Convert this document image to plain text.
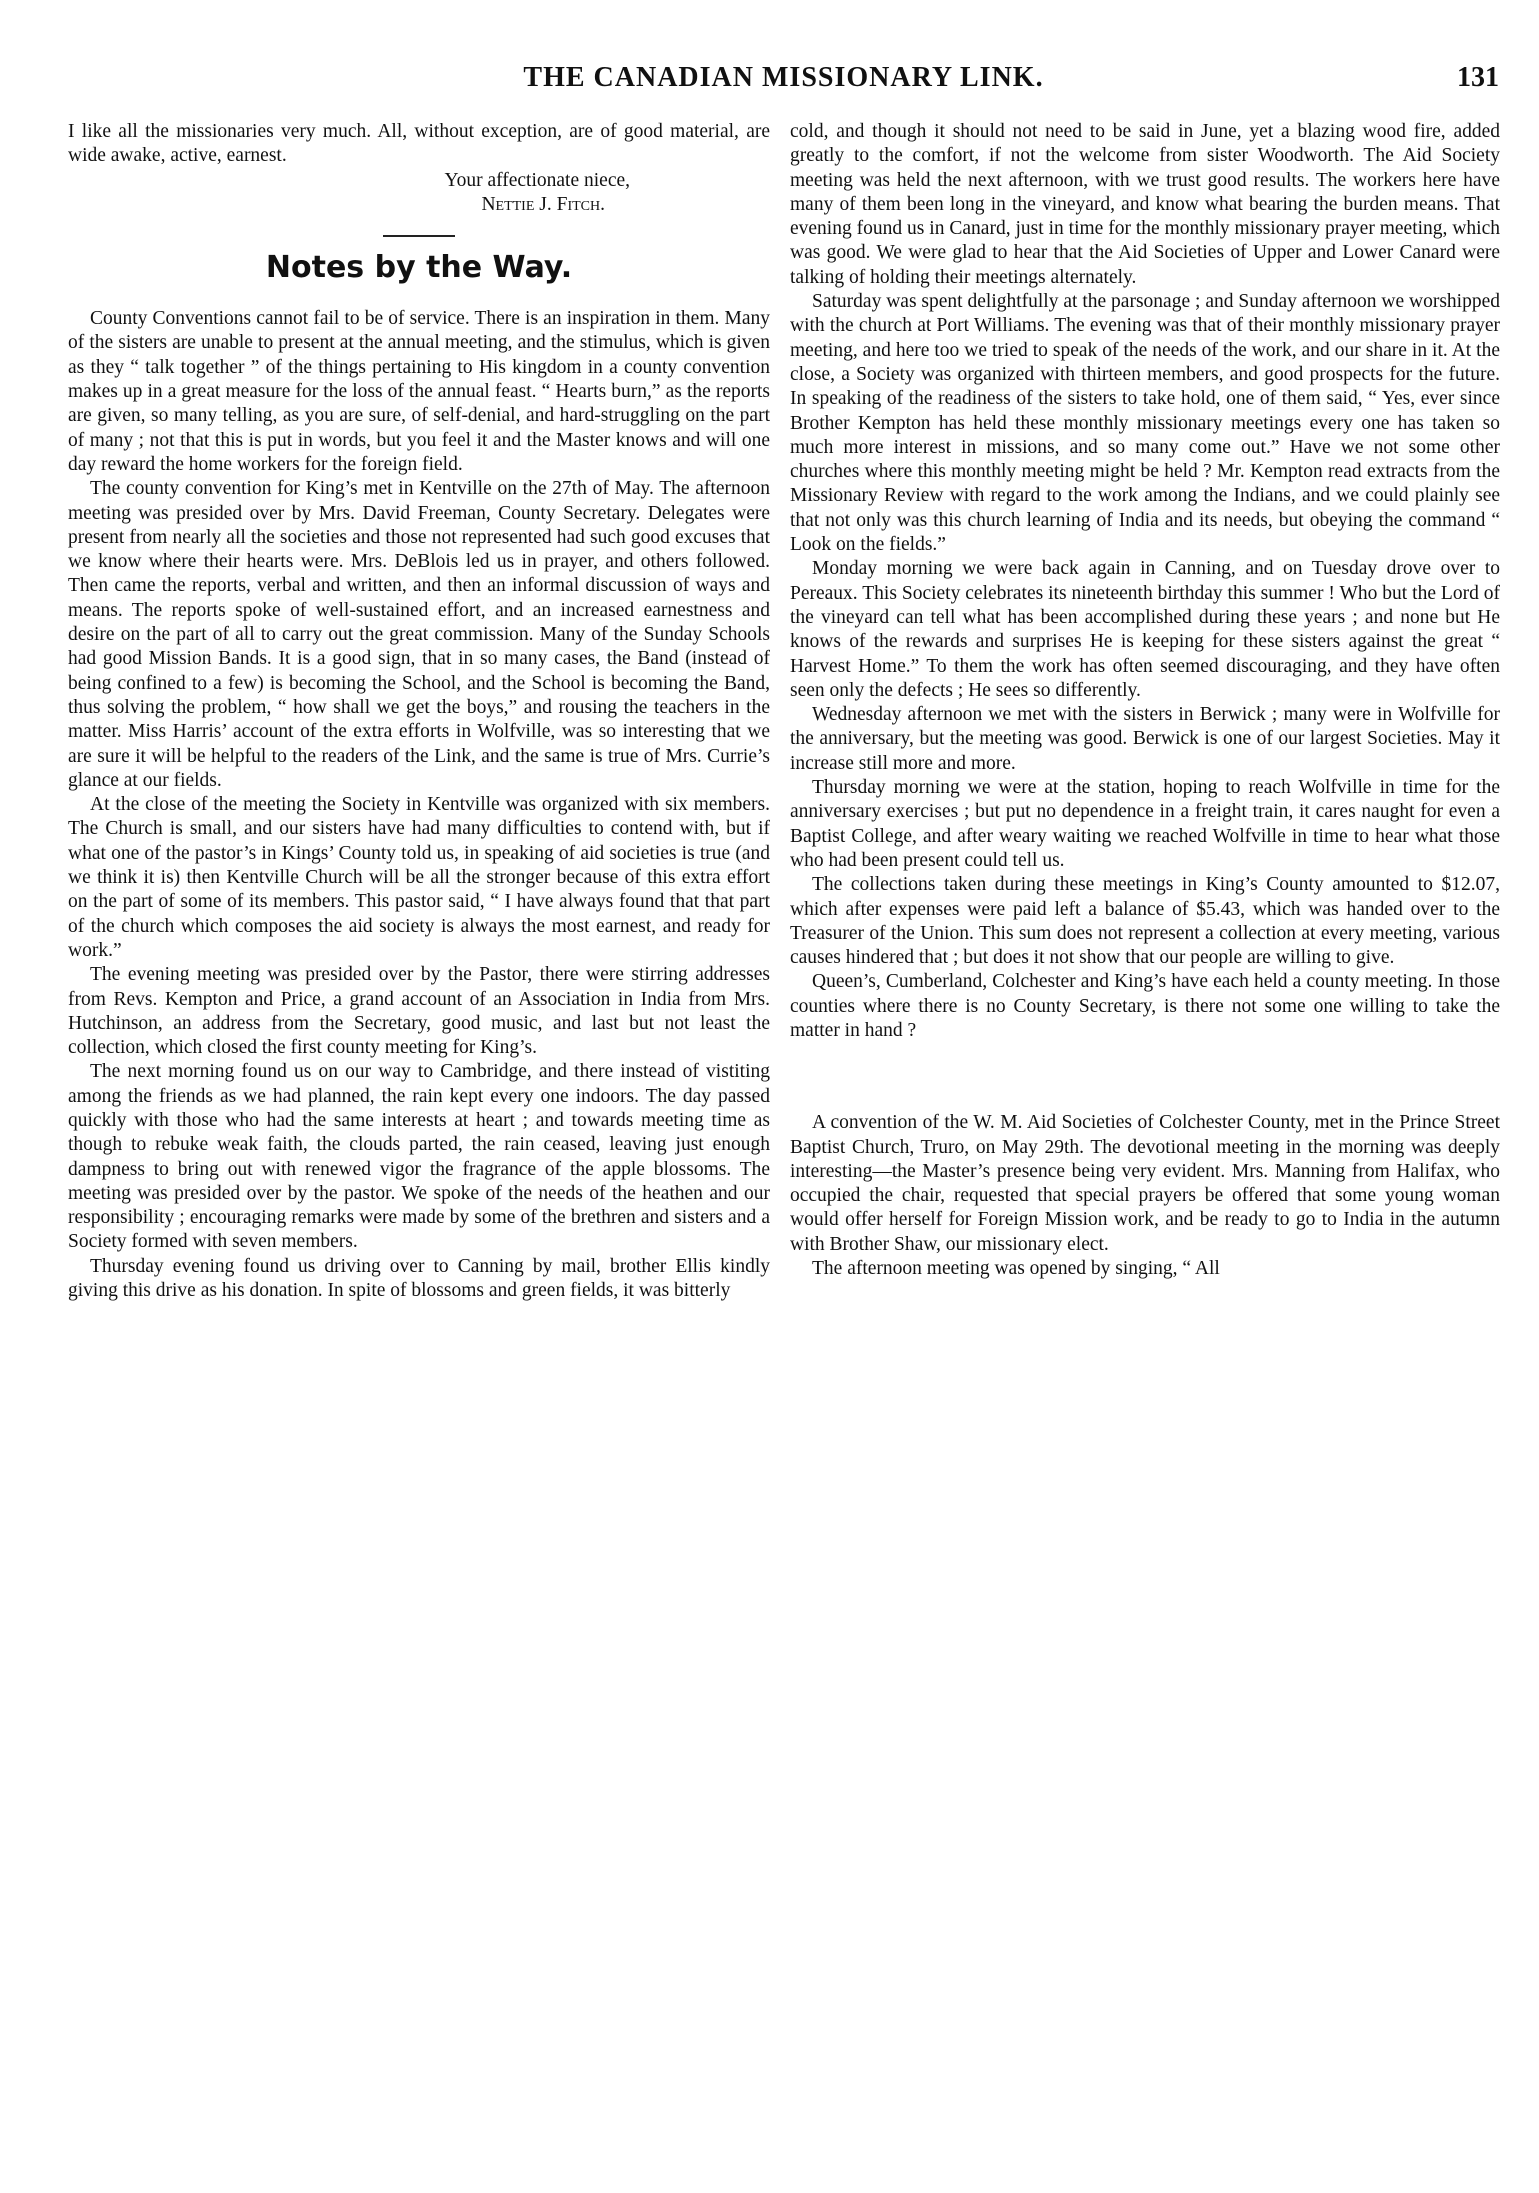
THE CANADIAN MISSIONARY LINK.	131

I like all the missionaries very much. All, without exception, are of good material, are wide awake, active, earnest.

Your affectionate niece,
Nettie J. Fitch.
Notes by the Way.

County Conventions cannot fail to be of service. There is an inspiration in them. Many of the sisters are unable to present at the annual meeting, and the stimulus, which is given as they “ talk together ” of the things pertaining to His kingdom in a county convention makes up in a great measure for the loss of the annual feast. “ Hearts burn,” as the reports are given, so many telling, as you are sure, of self-denial, and hard-struggling on the part of many ; not that this is put in words, but you feel it and the Master knows and will one day reward the home workers for the foreign field.

The county convention for King’s met in Kentville on the 27th of May. The afternoon meeting was presided over by Mrs. David Freeman, County Secretary. Delegates were present from nearly all the societies and those not represented had such good excuses that we know where their hearts were. Mrs. DeBlois led us in prayer, and others followed. Then came the reports, verbal and written, and then an informal discussion of ways and means. The reports spoke of well-sustained effort, and an increased earnestness and desire on the part of all to carry out the great commission. Many of the Sunday Schools had good Mission Bands. It is a good sign, that in so many cases, the Band (instead of being confined to a few) is becoming the School, and the School is becoming the Band, thus solving the problem, “ how shall we get the boys,” and rousing the teachers in the matter. Miss Harris’ account of the extra efforts in Wolfville, was so interesting that we are sure it will be helpful to the readers of the Link, and the same is true of Mrs. Currie’s glance at our fields.

At the close of the meeting the Society in Kentville was organized with six members. The Church is small, and our sisters have had many difficulties to contend with, but if what one of the pastor’s in Kings’ County told us, in speaking of aid societies is true (and we think it is) then Kentville Church will be all the stronger because of this extra effort on the part of some of its members. This pastor said, “ I have always found that that part of the church which composes the aid society is always the most earnest, and ready for work.”

The evening meeting was presided over by the Pastor, there were stirring addresses from Revs. Kempton and Price, a grand account of an Association in India from Mrs. Hutchinson, an address from the Secretary, good music, and last but not least the collection, which closed the first county meeting for King’s.

The next morning found us on our way to Cambridge, and there instead of vistiting among the friends as we had planned, the rain kept every one indoors. The day passed quickly with those who had the same interests at heart ; and towards meeting time as though to rebuke weak faith, the clouds parted, the rain ceased, leaving just enough dampness to bring out with renewed vigor the fragrance of the apple blossoms. The meeting was presided over by the pastor. We spoke of the needs of the heathen and our responsibility ; encouraging remarks were made by some of the brethren and sisters and a Society formed with seven members.

Thursday evening found us driving over to Canning by mail, brother Ellis kindly giving this drive as his donation. In spite of blossoms and green fields, it was bitterly

cold, and though it should not need to be said in June, yet a blazing wood fire, added greatly to the comfort, if not the welcome from sister Woodworth. The Aid Society meeting was held the next afternoon, with we trust good results. The workers here have many of them been long in the vineyard, and know what bearing the burden means. That evening found us in Canard, just in time for the monthly missionary prayer meeting, which was good. We were glad to hear that the Aid Societies of Upper and Lower Canard were talking of holding their meetings alternately.

Saturday was spent delightfully at the parsonage ; and Sunday afternoon we worshipped with the church at Port Williams. The evening was that of their monthly missionary prayer meeting, and here too we tried to speak of the needs of the work, and our share in it. At the close, a Society was organized with thirteen members, and good prospects for the future. In speaking of the readiness of the sisters to take hold, one of them said, “ Yes, ever since Brother Kempton has held these monthly missionary meetings every one has taken so much more interest in missions, and so many come out.” Have we not some other churches where this monthly meeting might be held ? Mr. Kempton read extracts from the Missionary Review with regard to the work among the Indians, and we could plainly see that not only was this church learning of India and its needs, but obeying the command “ Look on the fields.”

Monday morning we were back again in Canning, and on Tuesday drove over to Pereaux. This Society celebrates its nineteenth birthday this summer ! Who but the Lord of the vineyard can tell what has been accomplished during these years ; and none but He knows of the rewards and surprises He is keeping for these sisters against the great “ Harvest Home.” To them the work has often seemed discouraging, and they have often seen only the defects ; He sees so differently.

Wednesday afternoon we met with the sisters in Berwick ; many were in Wolfville for the anniversary, but the meeting was good. Berwick is one of our largest Societies. May it increase still more and more.

Thursday morning we were at the station, hoping to reach Wolfville in time for the anniversary exercises ; but put no dependence in a freight train, it cares naught for even a Baptist College, and after weary waiting we reached Wolfville in time to hear what those who had been present could tell us.

The collections taken during these meetings in King’s County amounted to $12.07, which after expenses were paid left a balance of $5.43, which was handed over to the Treasurer of the Union. This sum does not represent a collection at every meeting, various causes hindered that ; but does it not show that our people are willing to give.

Queen’s, Cumberland, Colchester and King’s have each held a county meeting. In those counties where there is no County Secretary, is there not some one willing to take the matter in hand ?

A convention of the W. M. Aid Societies of Colchester County, met in the Prince Street Baptist Church, Truro, on May 29th. The devotional meeting in the morning was deeply interesting—the Master’s presence being very evident. Mrs. Manning from Halifax, who occupied the chair, requested that special prayers be offered that some young woman would offer herself for Foreign Mission work, and be ready to go to India in the autumn with Brother Shaw, our missionary elect.

The afternoon meeting was opened by singing, “ All
